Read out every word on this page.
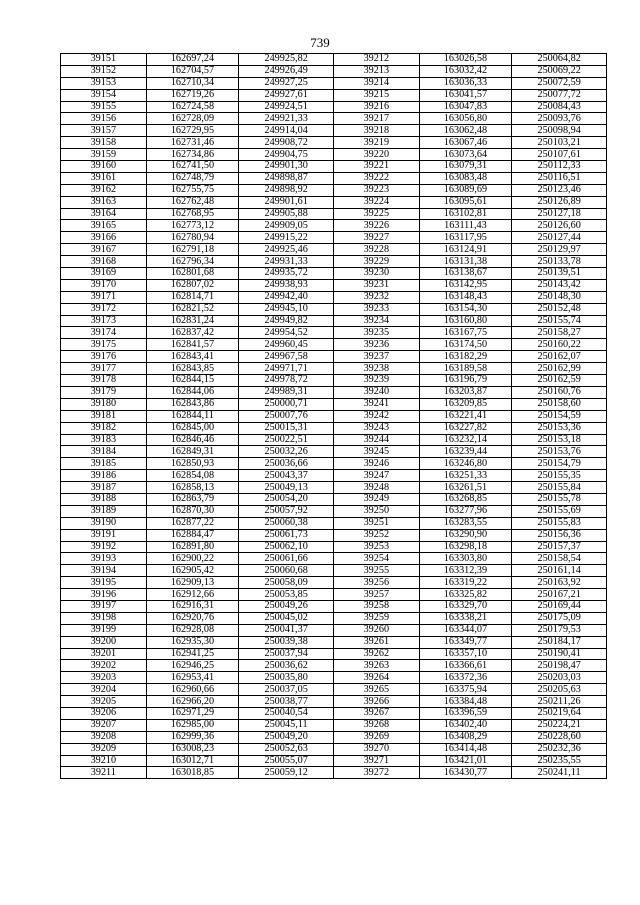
739
39151	162697,24	249925,82	39212	163026,58	250064,82
39152	162704,57	249926,49	39213	163032,42	250069,22
39153	162710,34	249927,25	39214	163036,33	250072,59
39154	162719,26	249927,61	39215	163041,57	250077,72
39155	162724,58	249924,51	39216	163047,83	250084,43
39156	162728,09	249921,33	39217	163056,80	250093,76
39157	162729,95	249914,04	39218	163062,48	250098,94
39158	162731,46	249908,72	39219	163067,46	250103,21
39159	162734,86	249904,75	39220	163073,64	250107,61
39160	162741,50	249901,30	39221	163079,31	250112,33
39161	162748,79	249898,87	39222	163083,48	250116,51
39162	162755,75	249898,92	39223	163089,69	250123,46
39163	162762,48	249901,61	39224	163095,61	250126,89
39164	162768,95	249905,88	39225	163102,81	250127,18
39165	162773,12	249909,05	39226	163111,43	250126,60
39166	162780,94	249915,22	39227	163117,95	250127,44
39167	162791,18	249925,46	39228	163124,91	250129,97
39168	162796,34	249931,33	39229	163131,38	250133,78
39169	162801,68	249935,72	39230	163138,67	250139,51
39170	162807,02	249938,93	39231	163142,95	250143,42
39171	162814,71	249942,40	39232	163148,43	250148,30
39172	162821,52	249945,10	39233	163154,30	250152,48
39173	162831,24	249949,82	39234	163160,80	250155,74
39174	162837,42	249954,52	39235	163167,75	250158,27
39175	162841,57	249960,45	39236	163174,50	250160,22
39176	162843,41	249967,58	39237	163182,29	250162,07
39177	162843,85	249971,71	39238	163189,58	250162,99
39178	162844,15	249978,72	39239	163196,79	250162,59
39179	162844,06	249989,31	39240	163203,87	250160,76
39180	162843,86	250000,71	39241	163209,85	250158,60
39181	162844,11	250007,76	39242	163221,41	250154,59
39182	162845,00	250015,31	39243	163227,82	250153,36
39183	162846,46	250022,51	39244	163232,14	250153,18
39184	162849,31	250032,26	39245	163239,44	250153,76
39185	162850,93	250036,66	39246	163246,80	250154,79
39186	162854,08	250043,37	39247	163251,33	250155,35
39187	162858,13	250049,13	39248	163261,51	250155,84
39188	162863,79	250054,20	39249	163268,85	250155,78
39189	162870,30	250057,92	39250	163277,96	250155,69
39190	162877,22	250060,38	39251	163283,55	250155,83
39191	162884,47	250061,73	39252	163290,90	250156,36
39192	162891,80	250062,10	39253	163298,18	250157,37
39193	162900,22	250061,66	39254	163303,80	250158,54
39194	162905,42	250060,68	39255	163312,39	250161,14
39195	162909,13	250058,09	39256	163319,22	250163,92
39196	162912,66	250053,85	39257	163325,82	250167,21
39197	162916,31	250049,26	39258	163329,70	250169,44
39198	162920,76	250045,02	39259	163338,21	250175,09
39199	162928,08	250041,37	39260	163344,07	250179,53
39200	162935,30	250039,38	39261	163349,77	250184,17
39201	162941,25	250037,94	39262	163357,10	250190,41
39202	162946,25	250036,62	39263	163366,61	250198,47
39203	162953,41	250035,80	39264	163372,36	250203,03
39204	162960,66	250037,05	39265	163375,94	250205,63
39205	162966,20	250038,77	39266	163384,48	250211,26
39206	162971,29	250040,54	39267	163396,59	250219,64
39207	162985,00	250045,11	39268	163402,40	250224,21
39208	162999,36	250049,20	39269	163408,29	250228,60
39209	163008,23	250052,63	39270	163414,48	250232,36
39210	163012,71	250055,07	39271	163421,01	250235,55
39211	163018,85	250059,12	39272	163430,77	250241,11
